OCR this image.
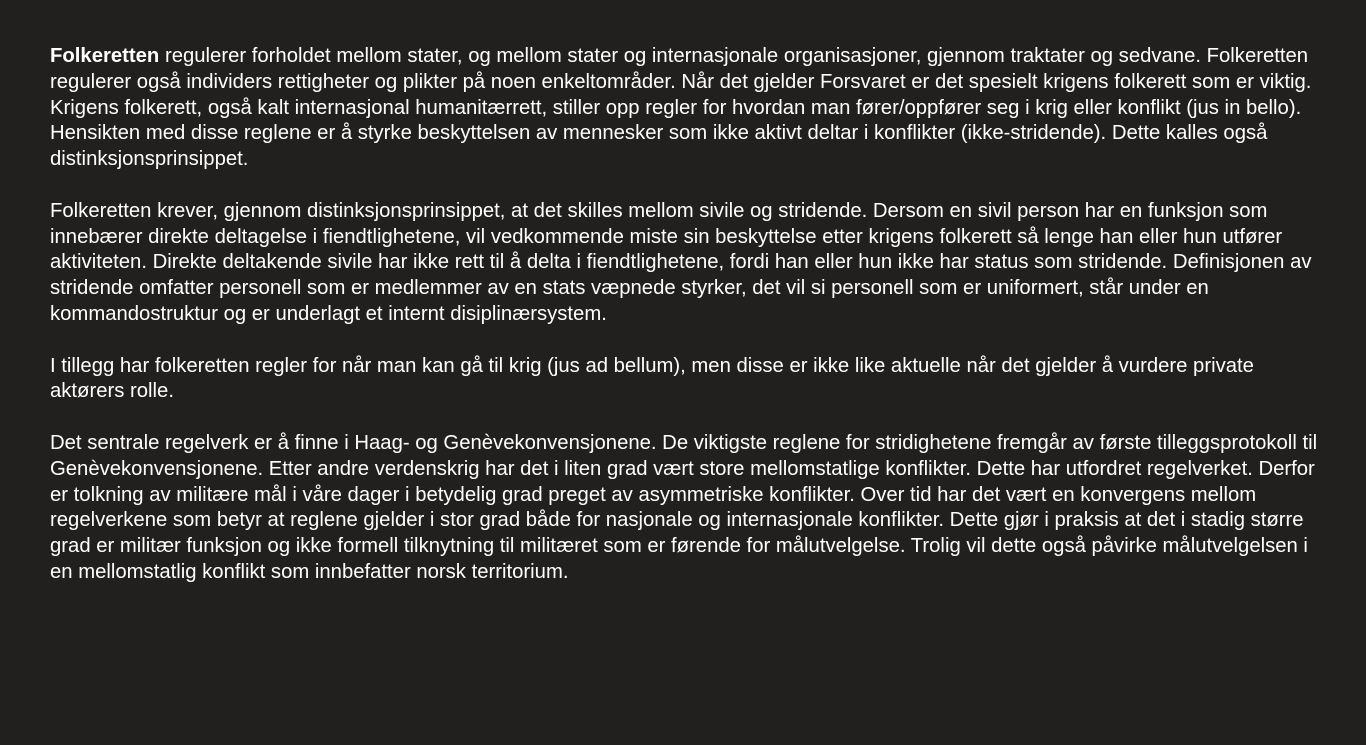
Folkeretten regulerer forholdet mellom stater, og mellom stater og internasjonale organisasjoner, gjennom traktater og sedvane. Folkeretten regulerer også individers rettigheter og plikter på noen enkeltområder. Når det gjelder Forsvaret er det spesielt krigens folkerett som er viktig. Krigens folkerett, også kalt internasjonal humanitærrett, stiller opp regler for hvordan man fører/oppfører seg i krig eller konflikt (jus in bello). Hensikten med disse reglene er å styrke beskyttelsen av mennesker som ikke aktivt deltar i konflikter (ikke-stridende). Dette kalles også distinksjonsprinsippet.

Folkeretten krever, gjennom distinksjonsprinsippet, at det skilles mellom sivile og stridende. Dersom en sivil person har en funksjon som innebærer direkte deltagelse i fiendtlighetene, vil vedkommende miste sin beskyttelse etter krigens folkerett så lenge han eller hun utfører aktiviteten. Direkte deltakende sivile har ikke rett til å delta i fiendtlighetene, fordi han eller hun ikke har status som stridende. Definisjonen av stridende omfatter personell som er medlemmer av en stats væpnede styrker, det vil si personell som er uniformert, står under en kommandostruktur og er underlagt et internt disiplinærsystem.

I tillegg har folkeretten regler for når man kan gå til krig (jus ad bellum), men disse er ikke like aktuelle når det gjelder å vurdere private aktørers rolle.

Det sentrale regelverk er å finne i Haag- og Genèvekonvensjonene. De viktigste reglene for stridighetene fremgår av første tilleggsprotokoll til Genèvekonvensjonene. Etter andre verdenskrig har det i liten grad vært store mellomstatlige konflikter. Dette har utfordret regelverket. Derfor er tolkning av militære mål i våre dager i betydelig grad preget av asymmetriske konflikter. Over tid har det vært en konvergens mellom regelverkene som betyr at reglene gjelder i stor grad både for nasjonale og internasjonale konflikter. Dette gjør i praksis at det i stadig større grad er militær funksjon og ikke formell tilknytning til militæret som er førende for målutvelgelse. Trolig vil dette også påvirke målutvelgelsen i en mellomstatlig konflikt som innbefatter norsk territorium.
